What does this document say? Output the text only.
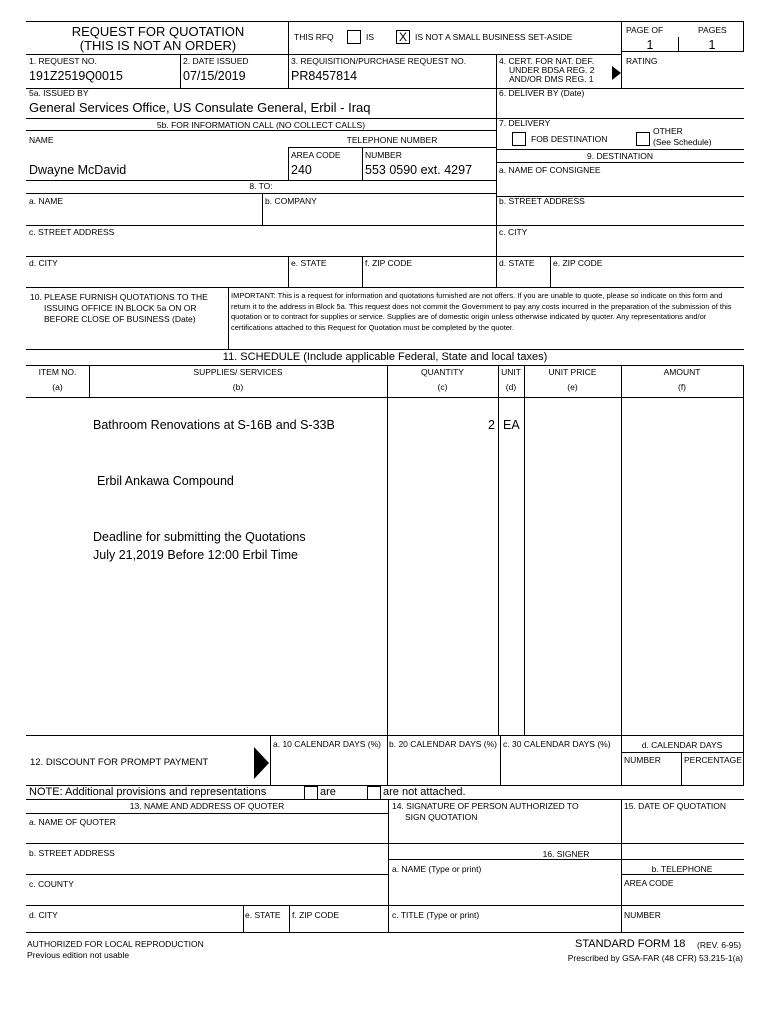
REQUEST FOR QUOTATION
(THIS IS NOT AN ORDER)
THIS RFQ	IS X IS NOT A SMALL BUSINESS SET-ASIDE
PAGE OF	PAGES
1	1
RATING
1. REQUEST NO.
191Z2519Q0015
2. DATE ISSUED
07/15/2019
3. REQUISITION/PURCHASE REQUEST NO.
PR8457814
4. CERT. FOR NAT. DEF.
UNDER BDSA REG. 2
AND/OR DMS REG. 1
5a. ISSUED BY
General Services Office, US Consulate General, Erbil - Iraq
6. DELIVER BY (Date)
5b. FOR INFORMATION CALL (NO COLLECT CALLS)
NAME	TELEPHONE NUMBER
AREA CODE	NUMBER
Dwayne McDavid	240	553 0590 ext. 4297
7. DELIVERY
FOB DESTINATION
OTHER
(See Schedule)
9. DESTINATION
a. NAME OF CONSIGNEE
b. STREET ADDRESS
c. CITY
d. STATE e. ZIP CODE
8. TO:
a. NAME	b. COMPANY
c. STREET ADDRESS
d. CITY	e. STATE	f. ZIP CODE
10. PLEASE FURNISH QUOTATIONS TO THE
ISSUING OFFICE IN BLOCK 5a ON OR
BEFORE CLOSE OF BUSINESS (Date)
IMPORTANT: This is a request for information and quotations furnished are not offers. If you are unable to quote, please so indicate on this form and return it to the address in Block 5a. This request does not commit the Government to pay any costs incurred in the preparation of the submission of this quotation or to contract for supplies or service. Supplies are of domestic origin unless otherwise indicated by quoter. Any representations and/or certifications attached to this Request for Quotation must be completed by the quoter.
11. SCHEDULE (Include applicable Federal, State and local taxes)
ITEM NO.
(a)
SUPPLIES/ SERVICES
(b)
QUANTITY
(c)
UNIT
(d)
UNIT PRICE
(e)
AMOUNT
(f)
Bathroom Renovations at S-16B and S-33B	2 EA
Erbil Ankawa Compound
Deadline for submitting the Quotations
July 21,2019 Before 12:00 Erbil Time
12. DISCOUNT FOR PROMPT PAYMENT
a. 10 CALENDAR DAYS (%) b. 20 CALENDAR DAYS (%) c. 30 CALENDAR DAYS (%)	d. CALENDAR DAYS
NUMBER	PERCENTAGE
NOTE: Additional provisions and representations	are	are not attached.
13. NAME AND ADDRESS OF QUOTER
a. NAME OF QUOTER
b. STREET ADDRESS
c. COUNTY
d. CITY	e. STATE f. ZIP CODE
14. SIGNATURE OF PERSON AUTHORIZED TO
SIGN QUOTATION
15. DATE OF QUOTATION
16. SIGNER
a. NAME (Type or print)	b. TELEPHONE
AREA CODE
c. TITLE (Type or print)	NUMBER
AUTHORIZED FOR LOCAL REPRODUCTION
Previous edition not usable
STANDARD FORM 18 (REV. 6-95)
Prescribed by GSA-FAR (48 CFR) 53.215-1(a)
